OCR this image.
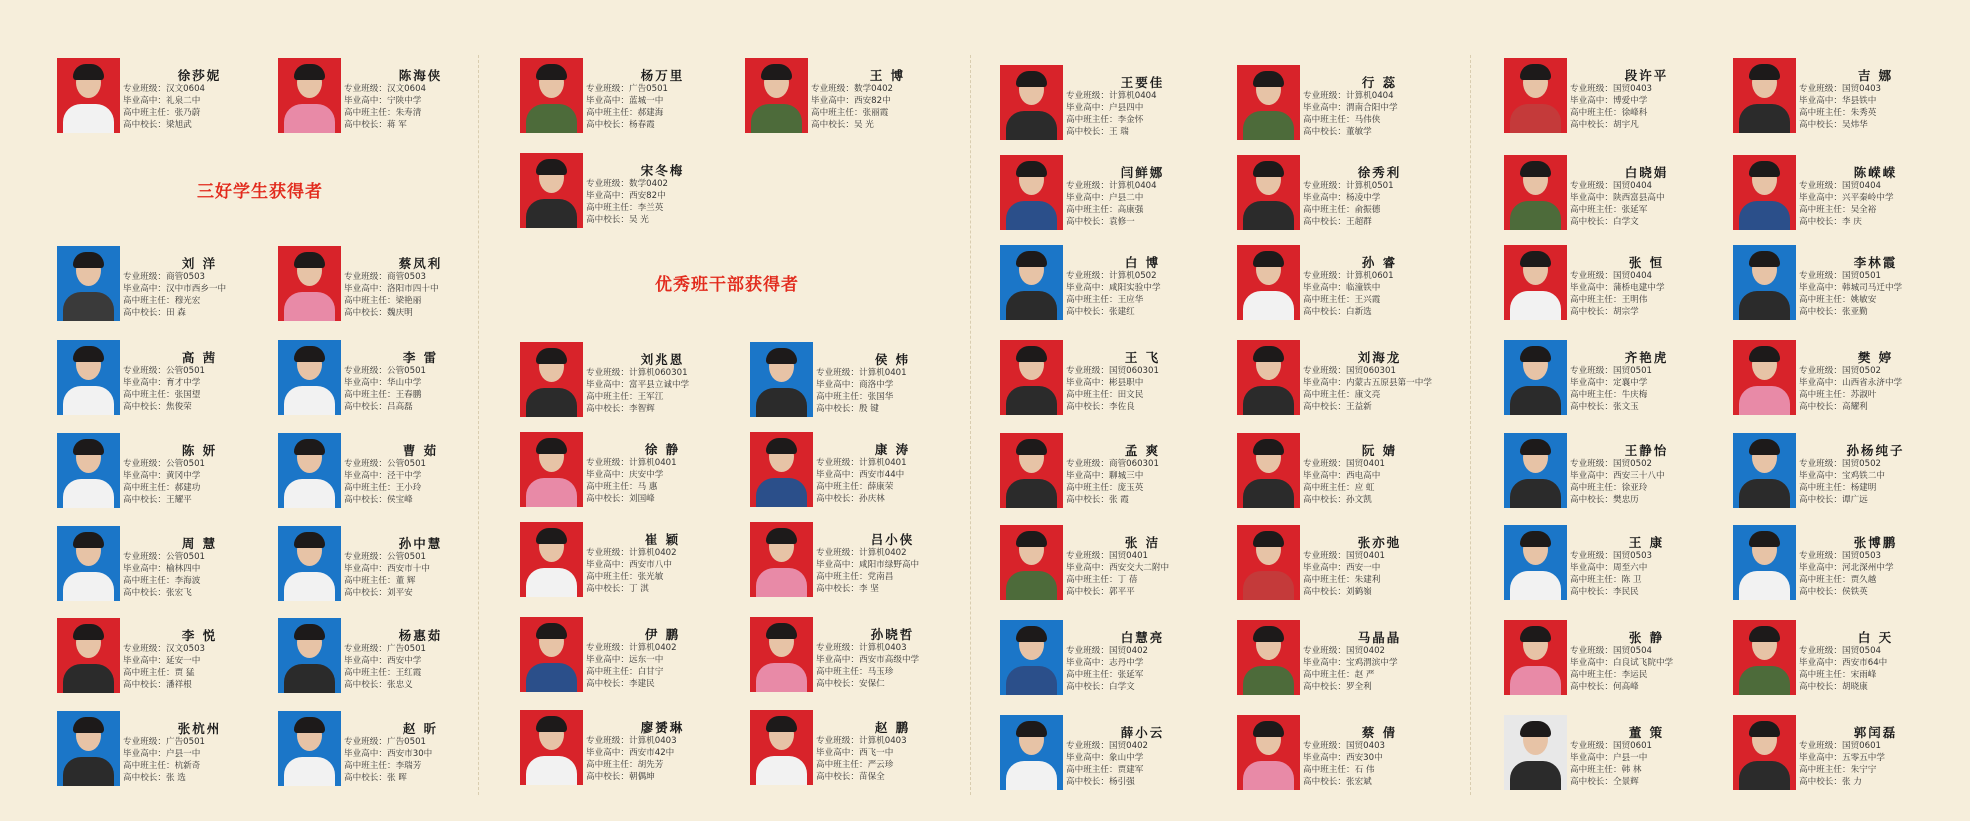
三好学生获得者
优秀班干部获得者
徐莎妮
专业班级：汉文0604
毕业高中：礼泉二中
高中班主任：张乃蔚
高中校长：梁旭武
陈海侠
专业班级：汉文0604
毕业高中：宁陕中学
高中班主任：朱寿清
高中校长：蒋 军
刘 洋
专业班级：商管0503
毕业高中：汉中市西乡一中
高中班主任：穆光宏
高中校长：田 森
蔡凤利
专业班级：商管0503
毕业高中：洛阳市四十中
高中班主任：梁艳丽
高中校长：魏庆明
高 茜
专业班级：公管0501
毕业高中：育才中学
高中班主任：张国望
高中校长：焦俊荣
李 雷
专业班级：公管0501
毕业高中：华山中学
高中班主任：王春鹏
高中校长：吕高磊
陈 妍
专业班级：公管0501
毕业高中：黄冈中学
高中班主任：郝建功
高中校长：王耀平
曹 茹
专业班级：公管0501
毕业高中：泾干中学
高中班主任：王小玲
高中校长：侯宝峰
周 慧
专业班级：公管0501
毕业高中：榆林四中
高中班主任：李海波
高中校长：张宏飞
孙中慧
专业班级：公管0501
毕业高中：西安市十中
高中班主任：董 辉
高中校长：刘平安
李 悦
专业班级：汉文0503
毕业高中：延安一中
高中班主任：贾 猛
高中校长：潘祥根
杨惠茹
专业班级：广告0501
毕业高中：西安中学
高中班主任：王红霞
高中校长：张忠义
张杭州
专业班级：广告0501
毕业高中：户县一中
高中班主任：杭新奇
高中校长：张 选
赵 昕
专业班级：广告0501
毕业高中：西安市30中
高中班主任：李瑞芳
高中校长：张 晖
杨万里
专业班级：广告0501
毕业高中：蓝城一中
高中班主任：郝建海
高中校长：杨春霞
王 博
专业班级：数学0402
毕业高中：西安82中
高中班主任：张丽霞
高中校长：吴 光
宋冬梅
专业班级：数学0402
毕业高中：西安82中
高中班主任：李兰英
高中校长：吴 光
刘兆恩
专业班级：计算机060301
毕业高中：富平县立诚中学
高中班主任：王军江
高中校长：李智辉
侯 炜
专业班级：计算机0401
毕业高中：商洛中学
高中班主任：张国华
高中校长：殷 键
徐 静
专业班级：计算机0401
毕业高中：庆安中学
高中班主任：马 惠
高中校长：刘国峰
康 涛
专业班级：计算机0401
毕业高中：西安市44中
高中班主任：薛康荣
高中校长：孙庆林
崔 颖
专业班级：计算机0402
毕业高中：西安市八中
高中班主任：张光敏
高中校长：丁 淇
吕小侠
专业班级：计算机0402
毕业高中：咸阳市绿野高中
高中班主任：党南昌
高中校长：李 坚
伊 鹏
专业班级：计算机0402
毕业高中：远东一中
高中班主任：白甘宁
高中校长：李建民
孙晓哲
专业班级：计算机0403
毕业高中：西安市高级中学
高中班主任：马玉珍
高中校长：安保仁
廖赟琳
专业班级：计算机0403
毕业高中：西安市42中
高中班主任：胡先芳
高中校长：朝偶坤
赵 鹏
专业班级：计算机0403
毕业高中：西飞一中
高中班主任：严云珍
高中校长：苗保全
王要佳
专业班级：计算机0404
毕业高中：户县四中
高中班主任：李金怀
高中校长：王 瑞
行 蕊
专业班级：计算机0404
毕业高中：渭南合阳中学
高中班主任：马伟侠
高中校长：董敏学
闫鲜娜
专业班级：计算机0404
毕业高中：户县二中
高中班主任：高康强
高中校长：袁修一
徐秀利
专业班级：计算机0501
毕业高中：杨凌中学
高中班主任：俞振德
高中校长：王超群
白 博
专业班级：计算机0502
毕业高中：咸阳实验中学
高中班主任：王应华
高中校长：张建红
孙 睿
专业班级：计算机0601
毕业高中：临潼铁中
高中班主任：王兴霞
高中校长：白新选
王 飞
专业班级：国贸060301
毕业高中：彬县职中
高中班主任：田文民
高中校长：李佐良
刘海龙
专业班级：国贸060301
毕业高中：内蒙古五原县第一中学
高中班主任：康文亮
高中校长：王益新
孟 爽
专业班级：商管060301
毕业高中：聊城三中
高中班主任：庞玉英
高中校长：张 霞
阮 婧
专业班级：国贸0401
毕业高中：西电高中
高中班主任：应 虹
高中校长：孙文凯
张 洁
专业班级：国贸0401
毕业高中：西安交大二附中
高中班主任：丁 蓓
高中校长：郭平平
张亦弛
专业班级：国贸0401
毕业高中：西安一中
高中班主任：朱建利
高中校长：刘鹤嶺
白慧亮
专业班级：国贸0402
毕业高中：志丹中学
高中班主任：张延军
高中校长：白学文
马晶晶
专业班级：国贸0402
毕业高中：宝鸡渭滨中学
高中班主任：赵 严
高中校长：罗全利
薛小云
专业班级：国贸0402
毕业高中：象山中学
高中班主任：贾建军
高中校长：杨引强
蔡 倩
专业班级：国贸0403
毕业高中：西安30中
高中班主任：石 伟
高中校长：张宏斌
段许平
专业班级：国贸0403
毕业高中：博爱中学
高中班主任：徐峰科
高中校长：胡宇凡
吉 娜
专业班级：国贸0403
毕业高中：华县铁中
高中班主任：朱秀英
高中校长：吴炜华
白晓娟
专业班级：国贸0404
毕业高中：陕西富县高中
高中班主任：张延军
高中校长：白学文
陈嵘嵘
专业班级：国贸0404
毕业高中：兴平秦岭中学
高中班主任：吴全裕
高中校长：李 庆
张 恒
专业班级：国贸0404
毕业高中：蒲桥电建中学
高中班主任：王明伟
高中校长：胡宗学
李林霞
专业班级：国贸0501
毕业高中：韩城司马迁中学
高中班主任：姚敏安
高中校长：张亚勤
齐艳虎
专业班级：国贸0501
毕业高中：定襄中学
高中班主任：牛庆梅
高中校长：张文玉
樊 婷
专业班级：国贸0502
毕业高中：山西省永济中学
高中班主任：苏淑叶
高中校长：高耀利
王静怡
专业班级：国贸0502
毕业高中：西安三十八中
高中班主任：徐亚玲
高中校长：樊忠历
孙杨纯子
专业班级：国贸0502
毕业高中：宝鸡铁二中
高中班主任：杨建明
高中校长：谭广远
王 康
专业班级：国贸0503
毕业高中：周至六中
高中班主任：陈 卫
高中校长：李民民
张博鹏
专业班级：国贸0503
毕业高中：河北深州中学
高中班主任：贾久越
高中校长：侯铁英
张 静
专业班级：国贸0504
毕业高中：白良试飞院中学
高中班主任：李运民
高中校长：何高峰
白 天
专业班级：国贸0504
毕业高中：西安市64中
高中班主任：宋雨峰
高中校长：胡晓康
董 策
专业班级：国贸0601
毕业高中：户县一中
高中班主任：韩 林
高中校长：仝景辉
郭闰磊
专业班级：国贸0601
毕业高中：五零五中学
高中班主任：朱宁宁
高中校长：张 力
